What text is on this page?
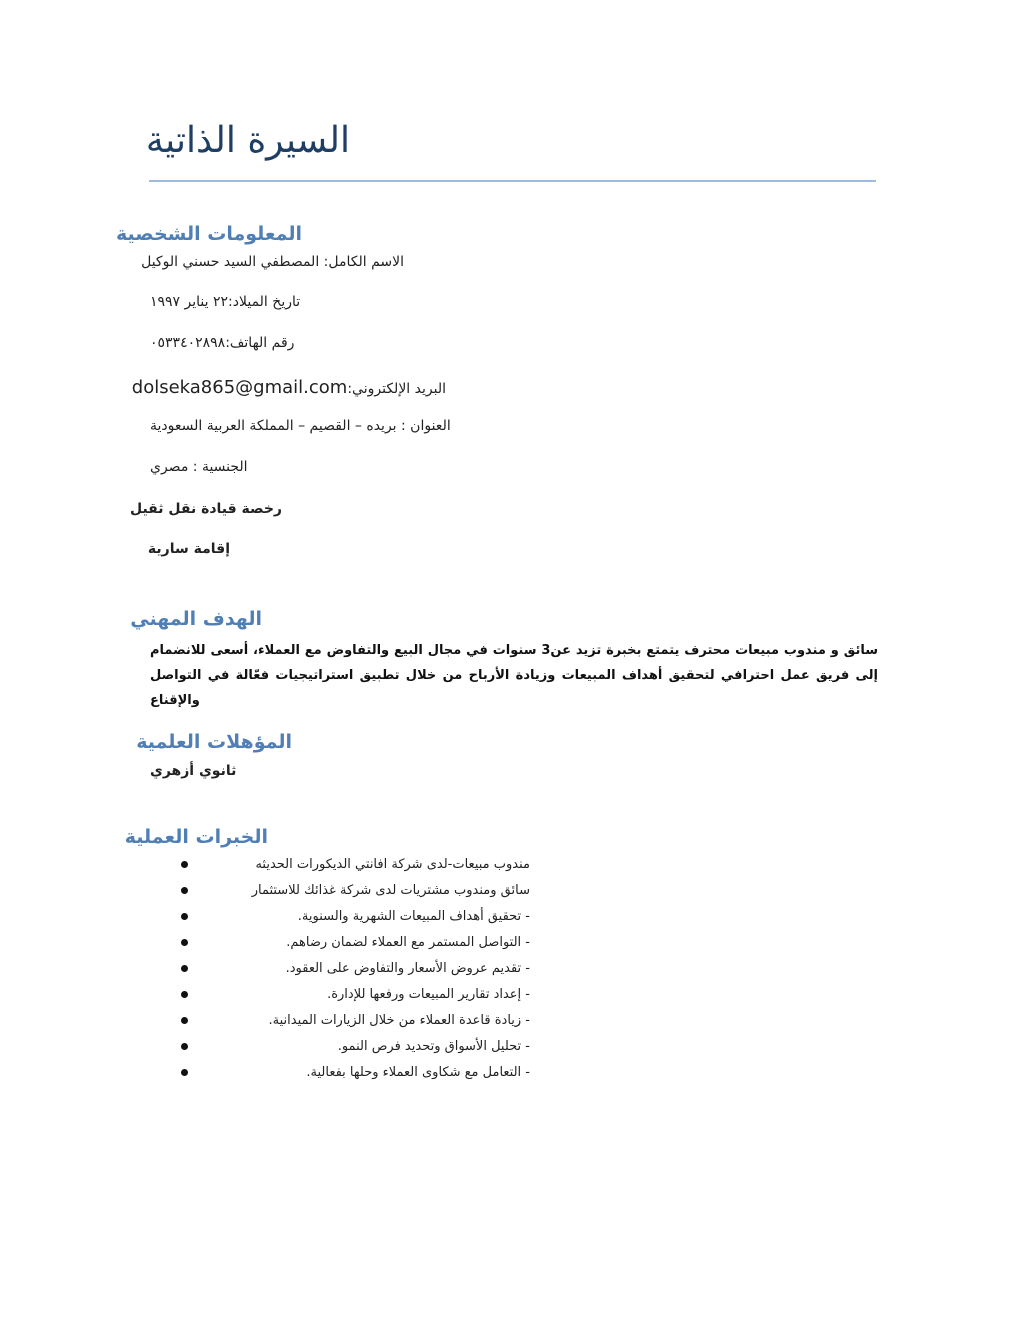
السيرة الذاتية
المعلومات الشخصية
الاسم الكامل: المصطفي السيد حسني الوكيل
تاريخ الميلاد:٢٢ يناير ١٩٩٧
رقم الهاتف:٠٥٣٣٤٠٢٨٩٨
البريد الإلكتروني:dolseka865@gmail.com
العنوان : بريده – القصيم – المملكة العربية السعودية
الجنسية : مصري
رخصة قيادة نقل ثقيل
إقامة سارية
الهدف المهني
سائق و مندوب مبيعات محترف يتمتع بخبرة تزيد عن3 سنوات في مجال البيع والتفاوض مع العملاء، أسعى للانضمام إلى فريق عمل احترافي لتحقيق أهداف المبيعات وزيادة الأرباح من خلال تطبيق استراتيجيات فعّالة في التواصل والإقناع
المؤهلات العلمية
ثانوي أزهري
الخبرات العملية
مندوب مبيعات-لدى شركة افانتي الديكورات الحديثه
سائق ومندوب مشتريات لدى شركة غذائك للاستثمار
- تحقيق أهداف المبيعات الشهرية والسنوية.
- التواصل المستمر مع العملاء لضمان رضاهم.
- تقديم عروض الأسعار والتفاوض على العقود.
- إعداد تقارير المبيعات ورفعها للإدارة.
- زيادة قاعدة العملاء من خلال الزيارات الميدانية.
- تحليل الأسواق وتحديد فرص النمو.
- التعامل مع شكاوى العملاء وحلها بفعالية.
